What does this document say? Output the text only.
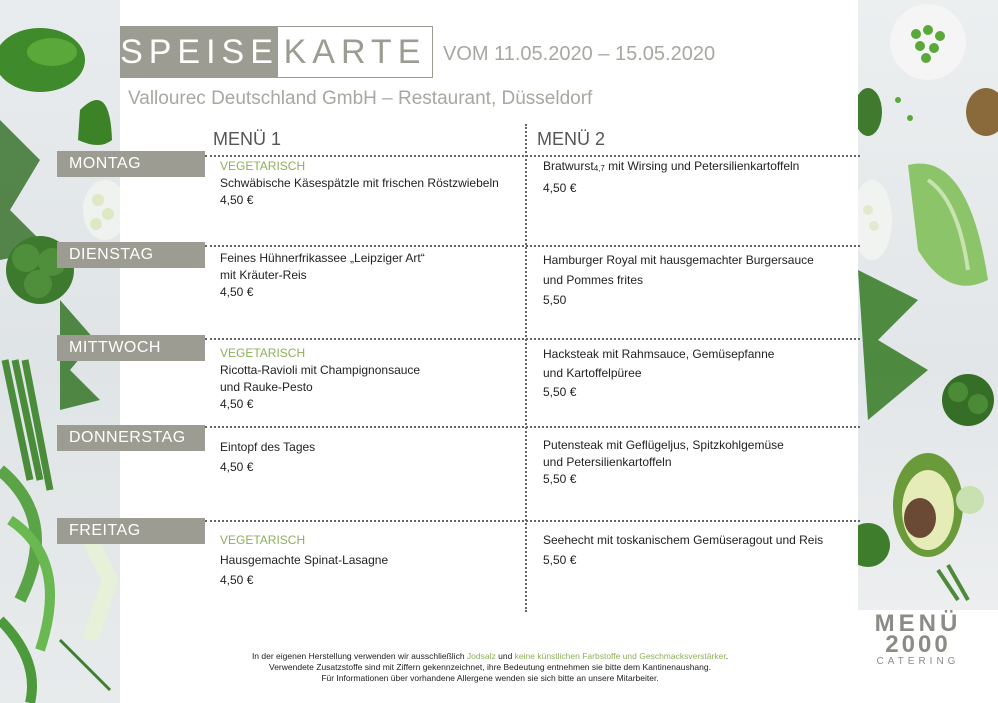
SPEISE KARTE VOM 11.05.2020 – 15.05.2020
Vallourec Deutschland GmbH – Restaurant, Düsseldorf
MENÜ 1	MENÜ 2
MONTAG
DIENSTAG
MITTWOCH
DONNERSTAG
FREITAG
VEGETARISCH
Schwäbische Käsespätzle mit frischen Röstzwiebeln

4,50 €
Bratwurst4,7 mit Wirsing und Petersilienkartoffeln

4,50 €
Feines Hühnerfrikassee „Leipziger Art“
mit Kräuter-Reis

4,50 €
Hamburger Royal mit hausgemachter Burgersauce
und Pommes frites

5,50
VEGETARISCH
Ricotta-Ravioli mit Champignonsauce
und Rauke-Pesto

4,50 €
Hacksteak mit Rahmsauce, Gemüsepfanne
und Kartoffelpüree

5,50 €
Eintopf des Tages

4,50 €
Putensteak mit Geflügeljus, Spitzkohlgemüse
und Petersilienkartoffeln

5,50 €
VEGETARISCH
Hausgemachte Spinat-Lasagne

4,50 €
Seehecht mit toskanischem Gemüseragout und Reis

5,50 €
In der eigenen Herstellung verwenden wir ausschließlich Jodsalz und keine künstlichen Farbstoffe und Geschmacksverstärker.
Verwendete Zusatzstoffe sind mit Ziffern gekennzeichnet, ihre Bedeutung entnehmen sie bitte dem Kantinenaushang.
Für Informationen über vorhandene Allergene wenden sie sich bitte an unsere Mitarbeiter.
MENÜ
2000
CATERING
